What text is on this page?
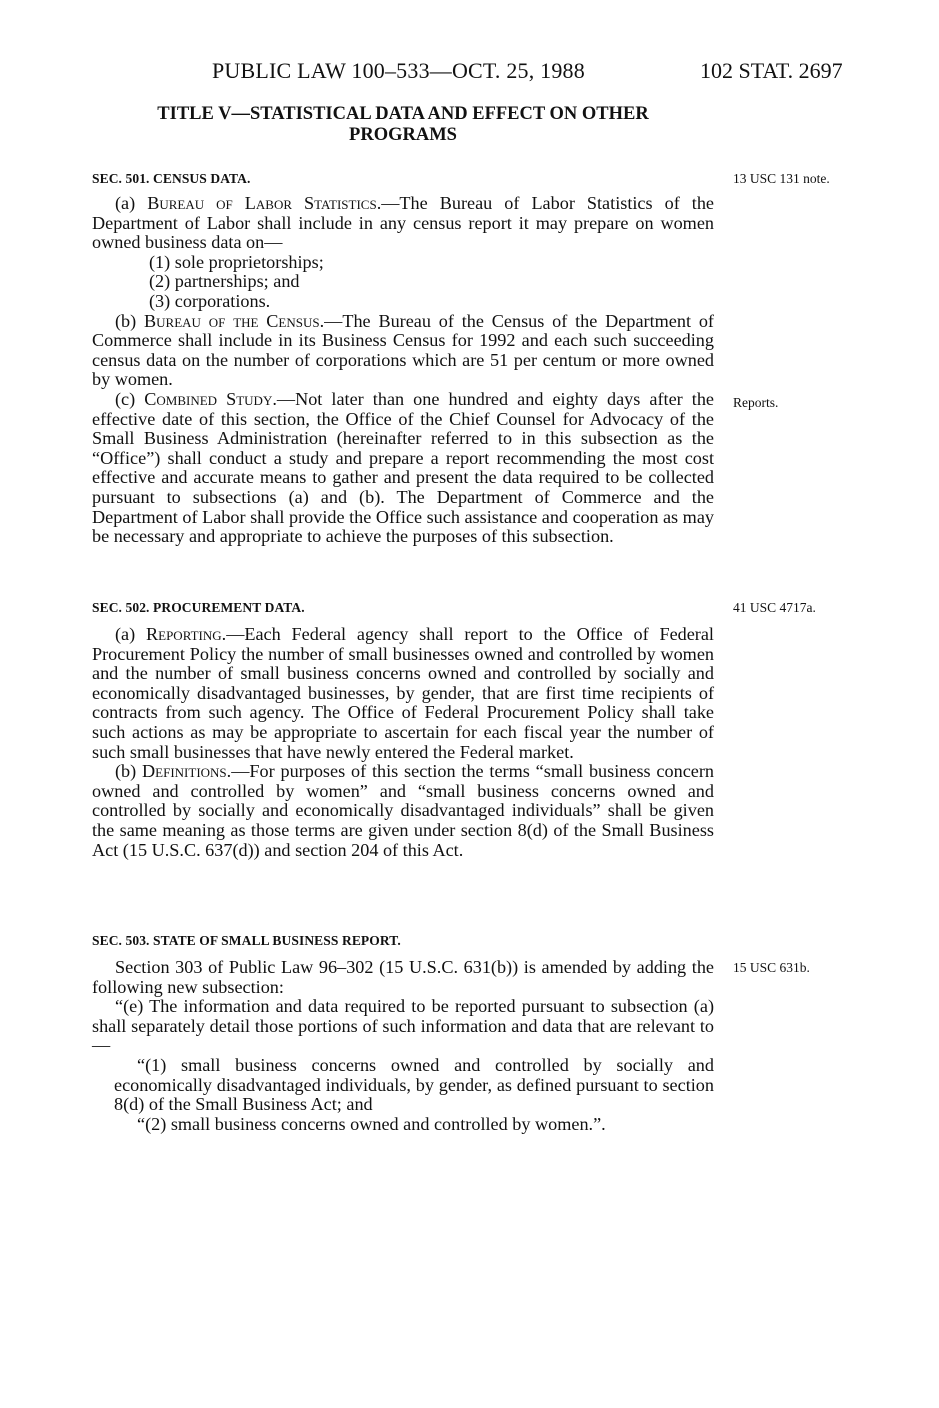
PUBLIC LAW 100–533—OCT. 25, 1988	102 STAT. 2697
TITLE V—STATISTICAL DATA AND EFFECT ON OTHER
PROGRAMS
SEC. 501. CENSUS DATA.	13 USC 131 note.

(a) Bureau of Labor Statistics.—The Bureau of Labor Statistics of the Department of Labor shall include in any census report it may prepare on women owned business data on—

(1) sole proprietorships;

(2) partnerships; and

(3) corporations.

(b) Bureau of the Census.—The Bureau of the Census of the Department of Commerce shall include in its Business Census for 1992 and each such succeeding census data on the number of corporations which are 51 per centum or more owned by women.

(c) Combined Study.—Not later than one hundred and eighty days after the effective date of this section, the Office of the Chief Counsel for Advocacy of the Small Business Administration (hereinafter referred to in this subsection as the “Office”) shall conduct a study and prepare a report recommending the most cost effective and accurate means to gather and present the data required to be collected pursuant to subsections (a) and (b). The Department of Commerce and the Department of Labor shall provide the Office such assistance and cooperation as may be necessary and appropriate to achieve the purposes of this subsection.

Reports.
SEC. 502. PROCUREMENT DATA.	41 USC 4717a.

(a) Reporting.—Each Federal agency shall report to the Office of Federal Procurement Policy the number of small businesses owned and controlled by women and the number of small business concerns owned and controlled by socially and economically disadvantaged businesses, by gender, that are first time recipients of contracts from such agency. The Office of Federal Procurement Policy shall take such actions as may be appropriate to ascertain for each fiscal year the number of such small businesses that have newly entered the Federal market.

(b) Definitions.—For purposes of this section the terms “small business concern owned and controlled by women” and “small business concerns owned and controlled by socially and economically disadvantaged individuals” shall be given the same meaning as those terms are given under section 8(d) of the Small Business Act (15 U.S.C. 637(d)) and section 204 of this Act.

SEC. 503. STATE OF SMALL BUSINESS REPORT.
15 USC 631b.

Section 303 of Public Law 96–302 (15 U.S.C. 631(b)) is amended by adding the following new subsection:

“(e) The information and data required to be reported pursuant to subsection (a) shall separately detail those portions of such information and data that are relevant to—

“(1) small business concerns owned and controlled by socially and economically disadvantaged individuals, by gender, as defined pursuant to section 8(d) of the Small Business Act; and

“(2) small business concerns owned and controlled by women.”.
